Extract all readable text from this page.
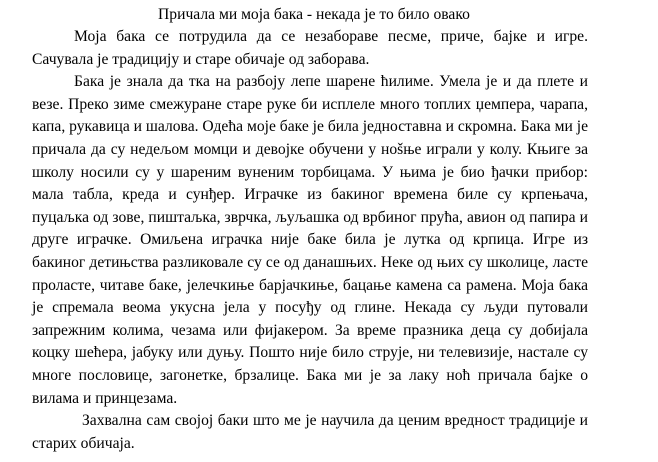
Причала ми моја бака - некада је то било овако

Моја бака се потрудила да се незаборaве песме, приче, бајке и игре. Сачувала је традицију и старе обичаје од заборава.

Бака је знала да тка на разбоју лепе шарене ћилиме. Умела је и да плете и везе. Преко зиме смежуране старе руке би исплеле много топлих џемпера, чарапа, капа, рукавица и шалова. Одећа моје баке је била једноставна и скромна. Бака ми је причала да су недељом момци и девојке обучени у нošње играли у колу. Књиге за школу носили су у шареним вуненим торбицама. У њима је био ђачки прибор: мала табла, креда и сунђер. Играчке из бакиног времена биле су крпењача, пуцаљка од зове, пиштаљка, зврчка, љуљашка од врбиног прућа, авион од папира и друге играчке. Омиљена играчка није баке била је лутка од крпица. Игре из бакиног детињства разликовале су се од данашњих. Неке од њих су школице, ласте проласте, читаве баке, јелечкиње барјачкиње, бацање камена са рамена. Моја бака је спремала веома укусна јела у посуђу од глине. Некада су људи путовали запрежним колима, чезама или фијакером. За време празника деца су добијала коцку шећера, јабуку или дуњу. Пошто није било струје, ни телевизије, настале су многе пословице, загонетке, брзалице. Бака ми је за лаку ноћ причала бајке о вилама и принцезама.

Захвална сам својој баки што ме је научила да ценим вредност традиције и старих обичаја.
